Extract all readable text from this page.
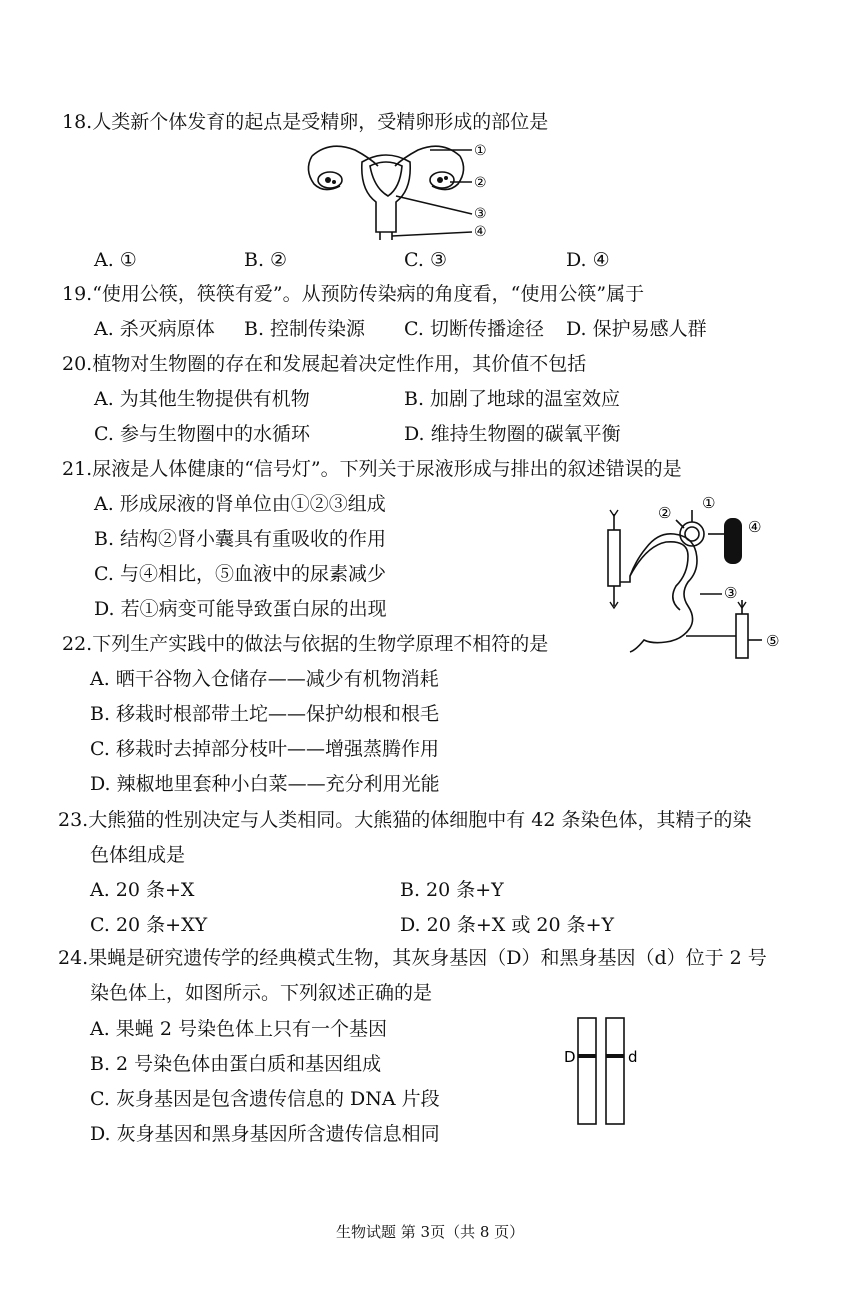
18.人类新个体发育的起点是受精卵，受精卵形成的部位是
①
②
③
④
A. ①	B. ②	C. ③	D. ④
19.“使用公筷，筷筷有爱”。从预防传染病的角度看，“使用公筷”属于
A. 杀灭病原体 B. 控制传染源 C. 切断传播途径 D. 保护易感人群
20.植物对生物圈的存在和发展起着决定性作用，其价值不包括
A. 为其他生物提供有机物	B. 加剧了地球的温室效应
C. 参与生物圈中的水循环	D. 维持生物圈的碳氧平衡
21.尿液是人体健康的“信号灯”。下列关于尿液形成与排出的叙述错误的是
A. 形成尿液的肾单位由①②③组成
B. 结构②肾小囊具有重吸收的作用
C. 与④相比，⑤血液中的尿素减少
D. 若①病变可能导致蛋白尿的出现
①
②
③
④
⑤
22.下列生产实践中的做法与依据的生物学原理不相符的是
A. 晒干谷物入仓储存——减少有机物消耗
B. 移栽时根部带土坨——保护幼根和根毛
C. 移栽时去掉部分枝叶——增强蒸腾作用
D. 辣椒地里套种小白菜——充分利用光能
23.大熊猫的性别决定与人类相同。大熊猫的体细胞中有 42 条染色体，其精子的染
色体组成是
A. 20 条+X	B. 20 条+Y
C. 20 条+XY	D. 20 条+X 或 20 条+Y
24.果蝇是研究遗传学的经典模式生物，其灰身基因（D）和黑身基因（d）位于 2 号
染色体上，如图所示。下列叙述正确的是
A. 果蝇 2 号染色体上只有一个基因
B. 2 号染色体由蛋白质和基因组成
C. 灰身基因是包含遗传信息的 DNA 片段
D. 灰身基因和黑身基因所含遗传信息相同
D	d
生物试题 第 3页（共 8 页）
